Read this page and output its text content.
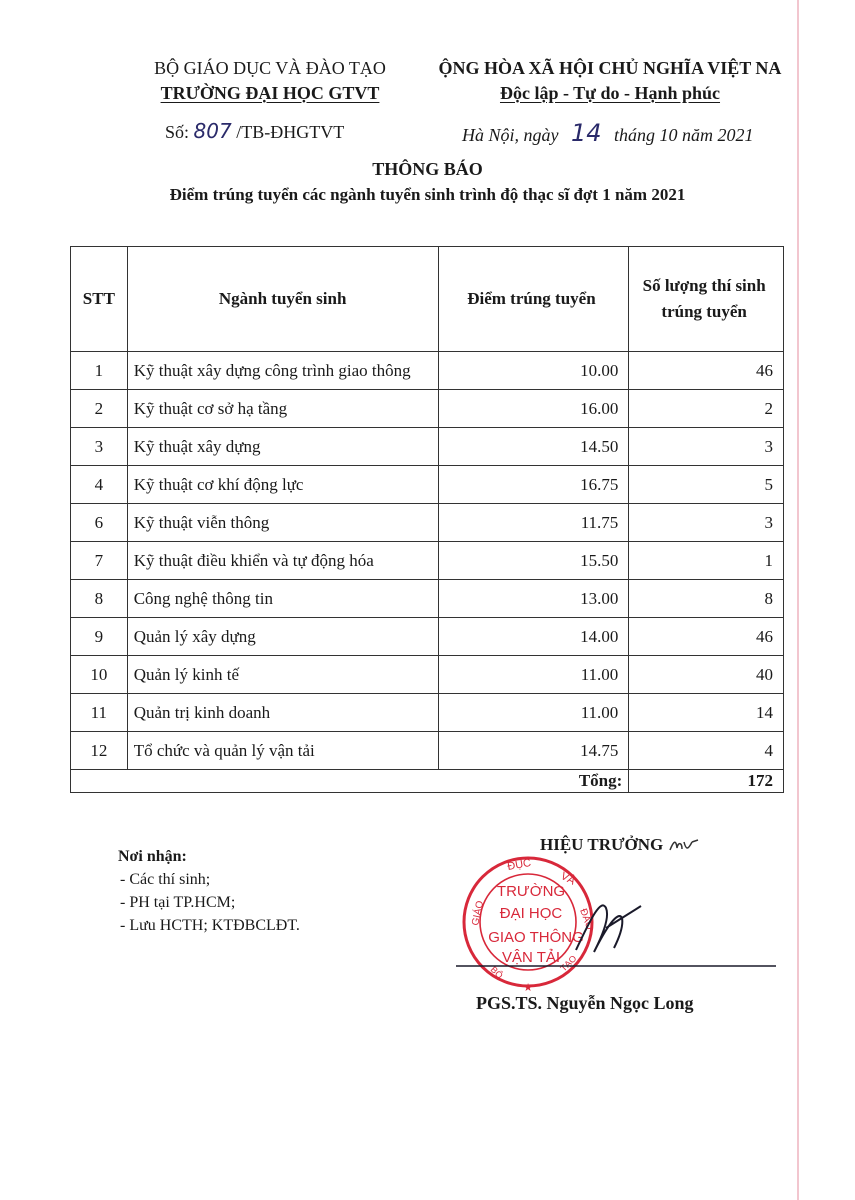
BỘ GIÁO DỤC VÀ ĐÀO TẠO
TRƯỜNG ĐẠI HỌC GTVT
ỘNG HÒA XÃ HỘI CHỦ NGHĨA VIỆT NA
Độc lập - Tự do - Hạnh phúc
Số: 807 /TB-ĐHGTVT	Hà Nội, ngày 14 tháng 10 năm 2021
THÔNG BÁO
Điểm trúng tuyển các ngành tuyển sinh trình độ thạc sĩ đợt 1 năm 2021
STT	Ngành tuyển sinh	Điểm trúng tuyển	Số lượng thí sinh
trúng tuyển
1	Kỹ thuật xây dựng công trình giao thông	10.00	46
2	Kỹ thuật cơ sở hạ tầng	16.00	2
3	Kỹ thuật xây dựng	14.50	3
4	Kỹ thuật cơ khí động lực	16.75	5
6	Kỹ thuật viễn thông	11.75	3
7	Kỹ thuật điều khiển và tự động hóa	15.50	1
8	Công nghệ thông tin	13.00	8
9	Quản lý xây dựng	14.00	46
10	Quản lý kinh tế	11.00	40
11	Quản trị kinh doanh	11.00	14
12	Tổ chức và quản lý vận tải	14.75	4
Tổng:			172
Nơi nhận:
- Các thí sinh;
- PH tại TP.HCM;
- Lưu HCTH; KTĐBCLĐT.
HIỆU TRƯỞNG
ĐỤC
VÀ
GIÁO	ĐÀO
BỘ	TẠO
★
TRƯỜNG
ĐẠI HỌC
GIAO THÔNG
VẬN TẢI
PGS.TS. Nguyễn Ngọc Long
